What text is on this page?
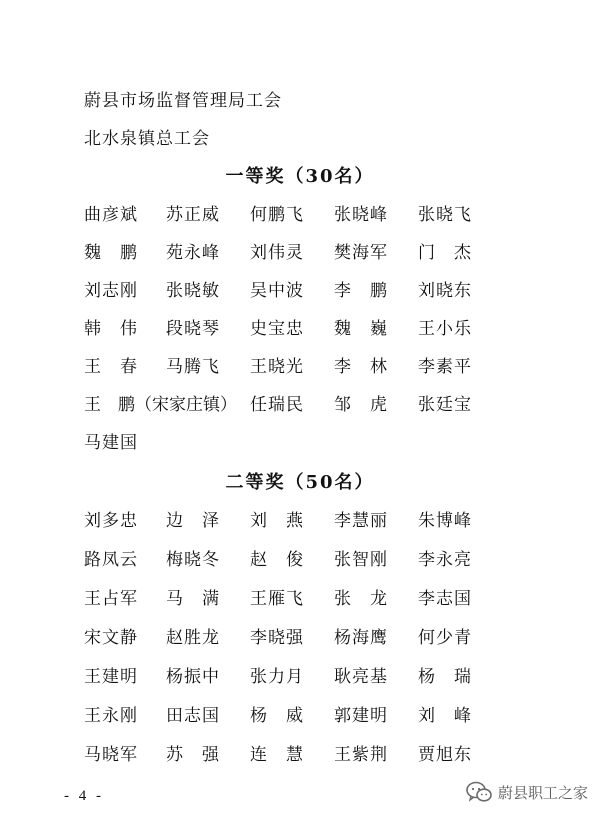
蔚县市场监督管理局工会
北水泉镇总工会
一等奖（30名）
曲彦斌 苏正威 何鹏飞 张晓峰 张晓飞
魏　鹏 苑永峰 刘伟灵 樊海军 门　杰
刘志刚 张晓敏 吴中波 李　鹏 刘晓东
韩　伟 段晓琴 史宝忠 魏　巍 王小乐
王　春 马腾飞 王晓光 李　林 李素平
王　鹏（宋家庄镇） 任瑞民 邹　虎 张廷宝
马建国
二等奖（50名）
刘多忠 边　泽 刘　燕 李慧丽 朱博峰
路凤云 梅晓冬 赵　俊 张智刚 李永亮
王占军 马　满 王雁飞 张　龙 李志国
宋文静 赵胜龙 李晓强 杨海鹰 何少青
王建明 杨振中 张力月 耿亮基 杨　瑞
王永刚 田志国 杨　威 郭建明 刘　峰
马晓军 苏　强 连　慧 王紫荆 贾旭东
- 4 -	蔚县职工之家
